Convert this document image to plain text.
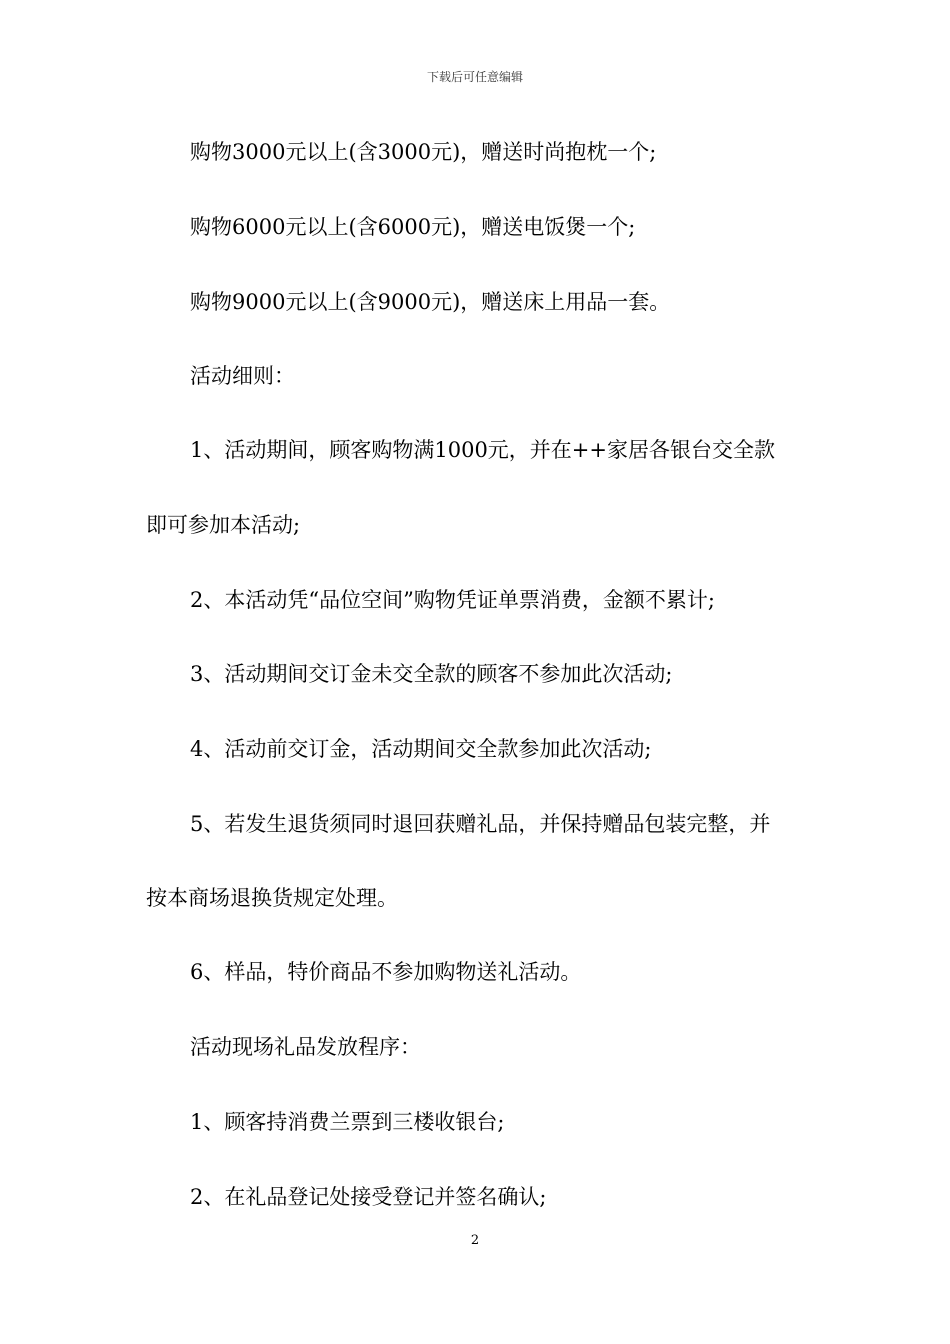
下载后可任意编辑
购物3000元以上(含3000元)，赠送时尚抱枕一个;
购物6000元以上(含6000元)，赠送电饭煲一个;
购物9000元以上(含9000元)，赠送床上用品一套。
活动细则：
1、活动期间，顾客购物满1000元，并在++家居各银台交全款
即可参加本活动;
2、本活动凭“品位空间”购物凭证单票消费，金额不累计;
3、活动期间交订金未交全款的顾客不参加此次活动;
4、活动前交订金，活动期间交全款参加此次活动;
5、若发生退货须同时退回获赠礼品，并保持赠品包装完整，并
按本商场退换货规定处理。
6、样品，特价商品不参加购物送礼活动。
活动现场礼品发放程序：
1、顾客持消费兰票到三楼收银台;
2、在礼品登记处接受登记并签名确认;
2
